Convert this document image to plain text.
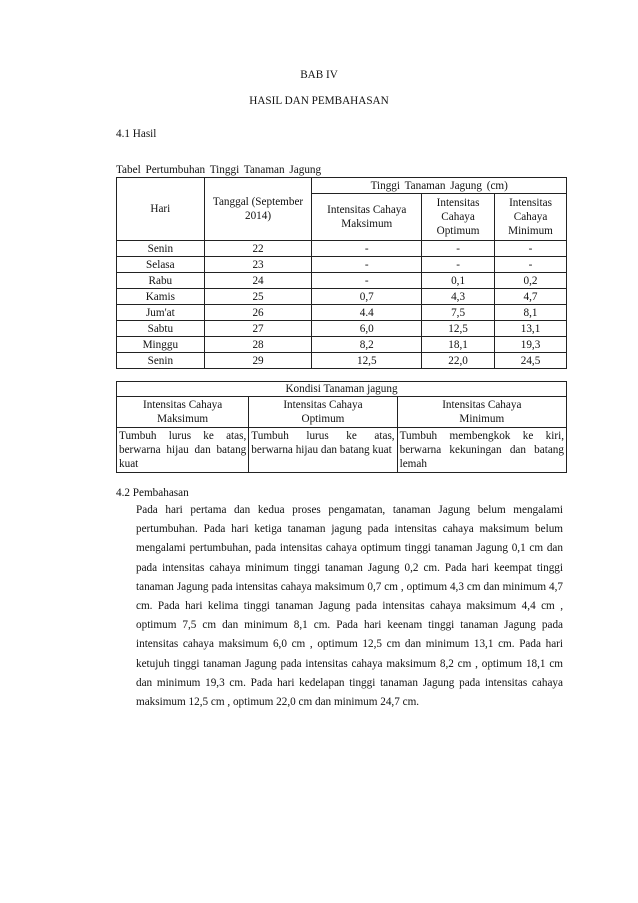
BAB IV
HASIL DAN PEMBAHASAN
4.1 Hasil
Tabel Pertumbuhan Tinggi Tanaman Jagung
Hari	Tanggal (September 2014)	Tinggi Tanaman Jagung (cm)		
		Intensitas Cahaya Maksimum	Intensitas Cahaya Optimum	Intensitas Cahaya Minimum
Senin	22	-	-	-
Selasa	23	-	-	-
Rabu	24	-	0,1	0,2
Kamis	25	0,7	4,3	4,7
Jum'at	26	4.4	7,5	8,1
Sabtu	27	6,0	12,5	13,1
Minggu	28	8,2	18,1	19,3
Senin	29	12,5	22,0	24,5
Kondisi Tanaman jagung		
Intensitas Cahaya Maksimum	Intensitas Cahaya Optimum	Intensitas Cahaya Minimum
Tumbuh lurus ke atas, berwarna hijau dan batang kuat	Tumbuh lurus ke atas, berwarna hijau dan batang kuat	Tumbuh membengkok ke kiri, berwarna kekuningan dan batang lemah
4.2 Pembahasan
Pada hari pertama dan kedua proses pengamatan, tanaman Jagung belum mengalami pertumbuhan. Pada hari ketiga tanaman jagung pada intensitas cahaya maksimum belum mengalami pertumbuhan, pada intensitas cahaya optimum tinggi tanaman Jagung 0,1 cm dan pada intensitas cahaya minimum tinggi tanaman Jagung 0,2 cm. Pada hari keempat tinggi tanaman Jagung pada intensitas cahaya maksimum 0,7 cm , optimum 4,3 cm dan minimum 4,7 cm. Pada hari kelima tinggi tanaman Jagung pada intensitas cahaya maksimum 4,4 cm , optimum 7,5 cm dan minimum 8,1 cm. Pada hari keenam tinggi tanaman Jagung pada intensitas cahaya maksimum 6,0 cm , optimum 12,5 cm dan minimum 13,1 cm. Pada hari ketujuh tinggi tanaman Jagung pada intensitas cahaya maksimum 8,2 cm , optimum 18,1 cm dan minimum 19,3 cm. Pada hari kedelapan tinggi tanaman Jagung pada intensitas cahaya maksimum 12,5 cm , optimum 22,0 cm dan minimum 24,7 cm.
